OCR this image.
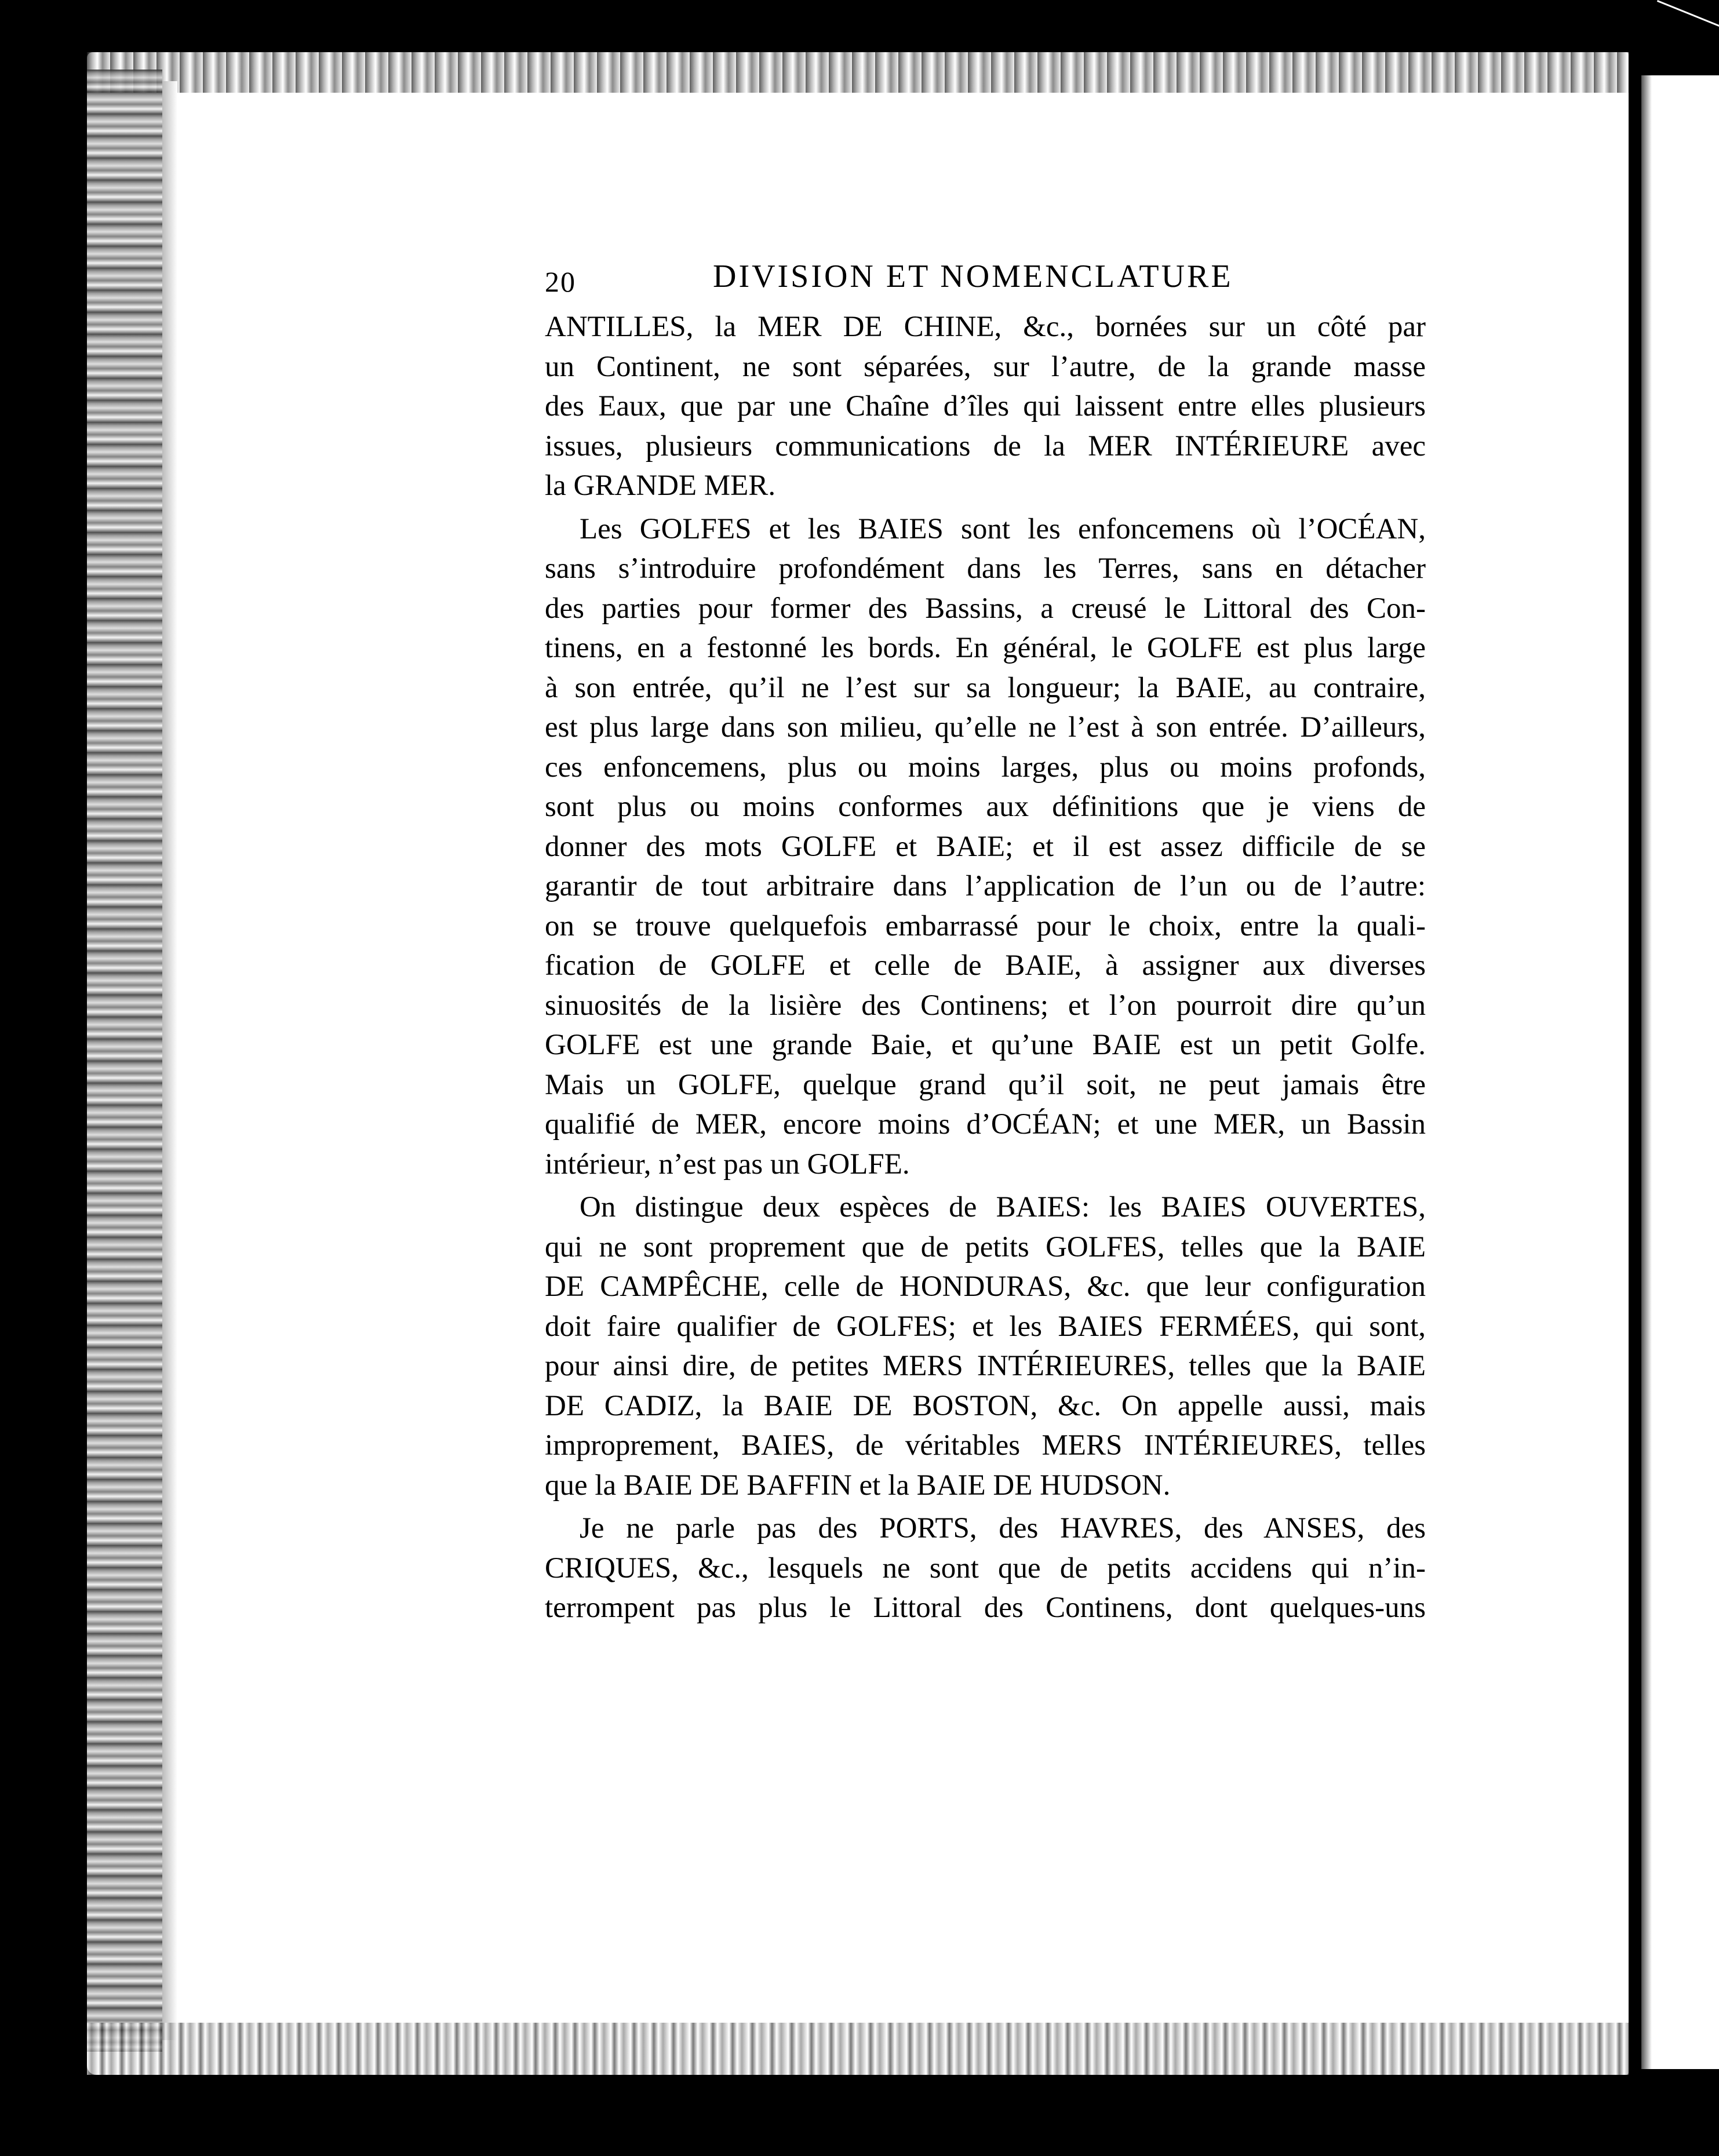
20	DIVISION ET NOMENCLATURE
ANTILLES, la MER DE CHINE, &c., bornées sur un côté par
un Continent, ne sont séparées, sur l’autre, de la grande masse
des Eaux, que par une Chaîne d’îles qui laissent entre elles plusieurs
issues, plusieurs communications de la MER INTÉRIEURE avec
la GRANDE MER.
Les GOLFES et les BAIES sont les enfoncemens où l’OCÉAN,
sans s’introduire profondément dans les Terres, sans en détacher
des parties pour former des Bassins, a creusé le Littoral des Con-
tinens, en a festonné les bords. En général, le GOLFE est plus large
à son entrée, qu’il ne l’est sur sa longueur; la BAIE, au contraire,
est plus large dans son milieu, qu’elle ne l’est à son entrée. D’ailleurs,
ces enfoncemens, plus ou moins larges, plus ou moins profonds,
sont plus ou moins conformes aux définitions que je viens de
donner des mots GOLFE et BAIE; et il est assez difficile de se
garantir de tout arbitraire dans l’application de l’un ou de l’autre:
on se trouve quelquefois embarrassé pour le choix, entre la quali-
fication de GOLFE et celle de BAIE, à assigner aux diverses
sinuosités de la lisière des Continens; et l’on pourroit dire qu’un
GOLFE est une grande Baie, et qu’une BAIE est un petit Golfe.
Mais un GOLFE, quelque grand qu’il soit, ne peut jamais être
qualifié de MER, encore moins d’OCÉAN; et une MER, un Bassin
intérieur, n’est pas un GOLFE.
On distingue deux espèces de BAIES: les BAIES OUVERTES,
qui ne sont proprement que de petits GOLFES, telles que la BAIE
DE CAMPÊCHE, celle de HONDURAS, &c. que leur configuration
doit faire qualifier de GOLFES; et les BAIES FERMÉES, qui sont,
pour ainsi dire, de petites MERS INTÉRIEURES, telles que la BAIE
DE CADIZ, la BAIE DE BOSTON, &c. On appelle aussi, mais
improprement, BAIES, de véritables MERS INTÉRIEURES, telles
que la BAIE DE BAFFIN et la BAIE DE HUDSON.
Je ne parle pas des PORTS, des HAVRES, des ANSES, des
CRIQUES, &c., lesquels ne sont que de petits accidens qui n’in-
terrompent pas plus le Littoral des Continens, dont quelques-uns
